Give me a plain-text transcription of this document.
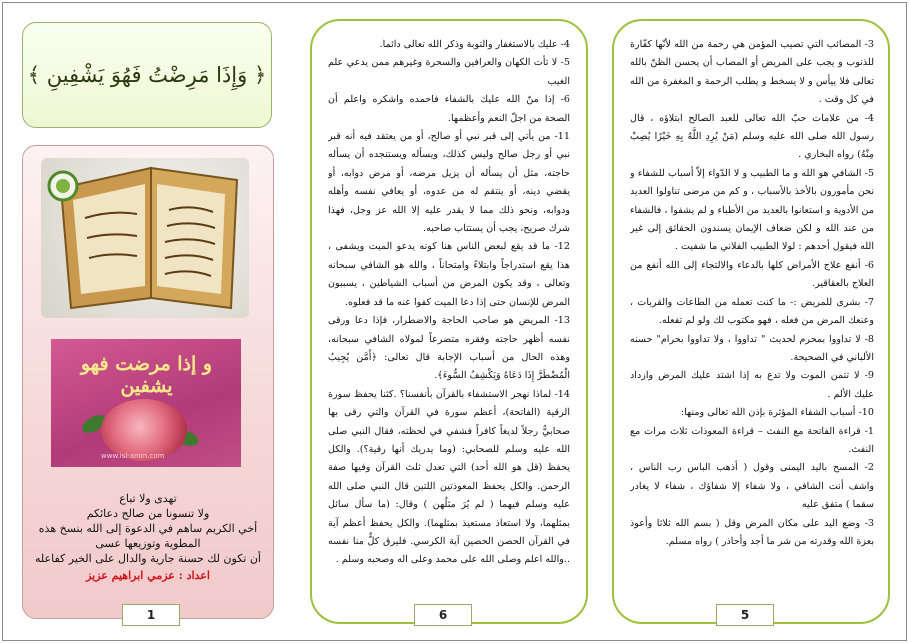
﴿ وَإِذَا مَرِضْتُ فَهُوَ يَشْفِينِ ﴾
و إذا مرضت فهو يشفين
www.isl-anon.com
تهدى ولا تباع
ولا تنسونا من صالح دعائكم
أخي الكريم ساهم في الدعوة إلى الله بنسخ هذه المطوية وتوزيعها عسى
أن تكون لك حسنة جارية والدال على الخير كفاعله
اعداد : عزمي ابراهيم عزيز
1

4- عليك بالاستغفار والتوبة وذكر الله تعالى دائما.

5- لا تأت الكهان والعرافين والسحرة وغيرهم ممن يدعي علم الغيب

6- إذا منّ الله عليك بالشفاء فاحمده واشكره واعلم أن الصحة من اجلّ النعم وأعظمها.

11- من يأتي إلى قبر نبي أو صالح، أو من يعتقد فيه أنه قبر نبي أو رجل صالح وليس كذلك، ويسأله ويستنجده أن يسأله حاجته، مثل أن يسأله أن يزيل مرضه، أو مرض دوابه، أو يقضي دينه، أو ينتقم له من عدوه، أو يعافي نفسه وأهله ودوابه، ونحو ذلك مما لا يقدر عليه إلا الله عز وجل، فهذا شرك صريح، يجب أن يستتاب صاحبه.

12- ما قد يقع لبعض الناس هنا كونه يدعو الميت ويشفى ، هذا يقع استدراجاً وابتلاءً وامتحاناً ، والله هو الشافي سبحانه وتعالى ، وقد يكون المرض من أسباب الشياطين ، يسببون المرض للإنسان حتى إذا دعا الميت كفوا عنه ما قد فعلوه.

13- المريض هو صاحب الحاجة والاضطرار، فإذا دعا ورقى نفسه أظهر حاجته وفقره متضرعاً لمولاه الشافي سبحانه، وهذه الحال من أسباب الإجابة قال تعالى: ﴿أَمَّن يُجِيبُ الْمُضْطَرَّ إِذَا دَعَاهُ وَيَكْشِفُ السُّوءَ﴾.

14- لماذا نهجر الاستشفاء بالقرآن بأنفسنا؟ .كثنا يحفظ سورة الرقية (الفاتحة)، أعظم سورة في القرآن والتي رقى بها صحابيٌّ رجلاً لديغاً كافراً فشفي في لحظته، فقال النبي صلى الله عليه وسلم للصحابي: (وما يدريك أنها رقية؟). والكل يحفظ (قل هو الله أحد) التي تعدل ثلث القرآن وفيها صفة الرحمن. والكل يحفظ المعوذتين اللتين قال النبي صلى الله عليه وسلم فيهما ( لم يُرَ مثلُهن ) وقال: (ما سأل سائل بمثلهما، ولا استعاذ مستعيذ بمثلهما). والكل يحفظ أعظم آية في القرآن الحصن الحصين آية الكرسي. فليرق كلٌّ منا نفسه ..والله اعلم وصلى الله على محمد وعلى اله وصحبه وسلم .

6

3- المصائب التي تصيب المؤمن هي رحمة من الله لأنّها كفّارة للذنوب و يجب على المريض أو المصاب أن يحسن الظنّ بالله تعالى فلا ييأس و لا يسخط و يطلب الرحمة و المغفرة من الله في كل وقت .

4- من علامات حبّ الله تعالى للعبد الصالح ابتلاؤه ، قال رسول الله صلى الله عليه وسلم (مَنْ يُرِدِ اللَّهُ بِهِ خَيْرًا يُصِبْ مِنْهُ) رواه البخاري .

5- الشافي هو الله و ما الطبيب و لا الدّواء إلاّ أسباب للشفاء و نحن مأمورون بالأخذ بالأسباب ، و كم من مرضى تناولوا العديد من الأدوية و استعانوا بالعديد من الأطباء و لم يشفوا ، فالشفاء من عند الله و لكن ضعاف الإيمان يسندون الحقائق إلى غير الله فيقول أحدهم : لولا الطبيب الفلاني ما شفيت .

6- أنفع علاج الأمراض كلها بالدعاء والالتجاء إلى الله أنفع من العلاج بالعقاقير.

7- بشرى للمريض :- ما كنت تعمله من الطاعات والقربات ، وعنعك المرض من فعله ، فهو مكتوب لك ولو لم تفعله.

8- لا تداووا بمحرم لحديث " تداووا ، ولا تداووا بحرام" حسنه الألباني في الصحيحة.

9- لا تتمن الموت ولا تدع به إذا اشتد عليك المرض وازداد عليك الألم .

10- أسباب الشفاء المؤثرة بإذن الله تعالى ومنها:

1- قراءة الفاتحة مع النفث – قراءة المعوذات ثلاث مرات مع النفث.

2- المسح باليد اليمنى وقول ( أذهب الباس رب الناس ، واشف أنت الشافي ، ولا شفاء إلا شفاؤك ، شفاء لا يغادر سقما ) متفق عليه

3- وضع اليد على مكان المرض وقل ( بسم الله ثلاثا وأعوذ بعزة الله وقدرته من شر ما أجد وأحاذر ) رواه مسلم.

5
